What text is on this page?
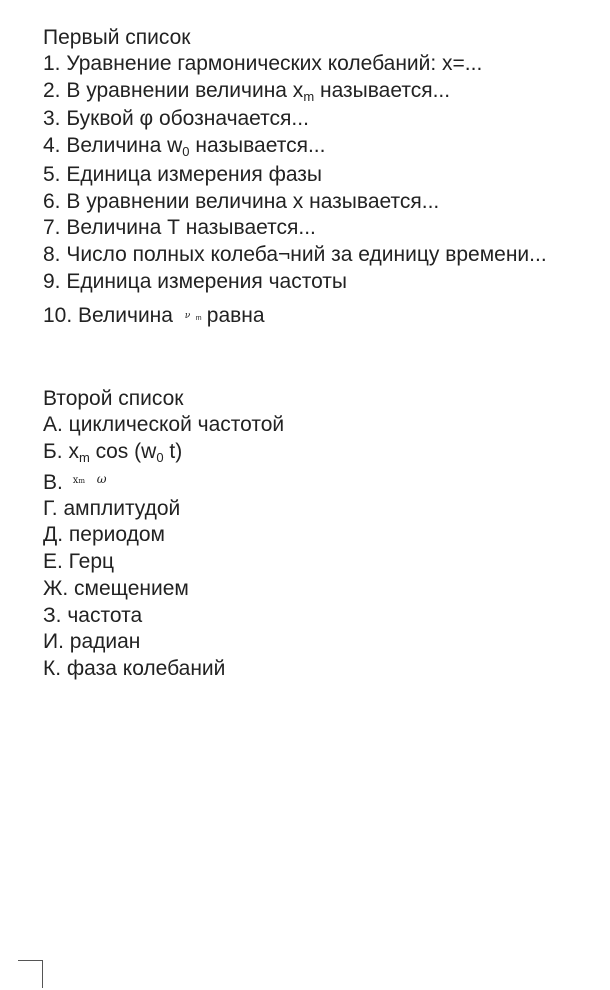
Первый список
1. Уравнение гармонических колебаний: х=...
2. В уравнении величина xm называется...
3. Буквой φ обозначается...
4. Величина w0 называется...
5. Единица измерения фазы
6. В уравнении величина х называется...
7. Величина Т называется...
8. Число полных колеба¬ний за единицу времени...
9. Единица измерения частоты
10. Величина ν m равна
Второй список
А. циклической частотой
Б. xm cos (w0 t)
В. xm ω
Г. амплитудой
Д. периодом
Е. Герц
Ж. смещением
З. частота
И. радиан
К. фаза колебаний
